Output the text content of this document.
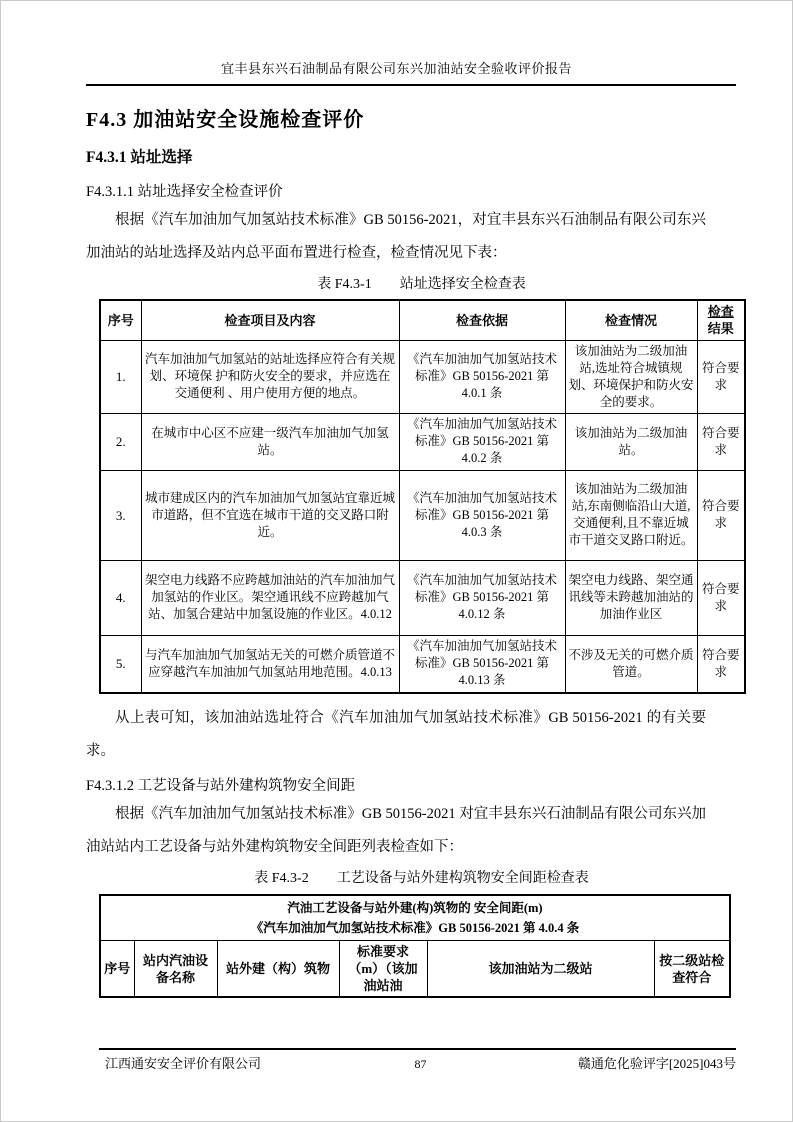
宜丰县东兴石油制品有限公司东兴加油站安全验收评价报告
F4.3 加油站安全设施检查评价
F4.3.1 站址选择
F4.3.1.1 站址选择安全检查评价
根据《汽车加油加气加氢站技术标准》GB 50156-2021，对宜丰县东兴石油制品有限公司东兴加油站的站址选择及站内总平面布置进行检查，检查情况见下表：
表 F4.3-1 站址选择安全检查表
序号	检查项目及内容	检查依据	检查情况	检查
结果

1.	汽车加油加气加氢站的站址选择应符合有关规划、环境保 护和防火安全的要求，并应选在交通便利 、用户使用方便的地点。	《汽车加油加气加氢站技术标准》GB 50156-2021 第 4.0.1 条	该加油站为二级加油站,选址符合城镇规划、环境保护和防火安全的要求。	符合要求
2.	在城市中心区不应建一级汽车加油加气加氢站。	《汽车加油加气加氢站技术标准》GB 50156-2021 第 4.0.2 条	该加油站为二级加油站。	符合要求
3.	城市建成区内的汽车加油加气加氢站宜靠近城市道路，但不宜选在城市干道的交叉路口附近。	《汽车加油加气加氢站技术标准》GB 50156-2021 第 4.0.3 条	该加油站为二级加油站,东南侧临沿山大道,交通便利,且不靠近城市干道交叉路口附近。	符合要求
4.	架空电力线路不应跨越加油站的汽车加油加气加氢站的作业区。架空通讯线不应跨越加气站、加氢合建站中加氢设施的作业区。4.0.12	《汽车加油加气加氢站技术标准》GB 50156-2021 第 4.0.12 条	架空电力线路、架空通讯线等未跨越加油站的加油作业区	符合要求
5.	与汽车加油加气加氢站无关的可燃介质管道不应穿越汽车加油加气加氢站用地范围。4.0.13	《汽车加油加气加氢站技术标准》GB 50156-2021 第 4.0.13 条	不涉及无关的可燃介质管道。	符合要求
从上表可知，该加油站选址符合《汽车加油加气加氢站技术标准》GB 50156-2021 的有关要求。
F4.3.1.2 工艺设备与站外建构筑物安全间距
根据《汽车加油加气加氢站技术标准》GB 50156-2021 对宜丰县东兴石油制品有限公司东兴加油站站内工艺设备与站外建构筑物安全间距列表检查如下：
表 F4.3-2 工艺设备与站外建构筑物安全间距检查表
汽油工艺设备与站外建(构)筑物的 安全间距(m)
《汽车加油加气加氢站技术标准》GB 50156-2021 第 4.0.4 条

序号	站内汽油设备名称	站外建（构）筑物	标准要求（m）（该加油站油	该加油站为二级站	按二级站检查符合
江西通安安全评价有限公司	87	赣通危化验评字[2025]043号
